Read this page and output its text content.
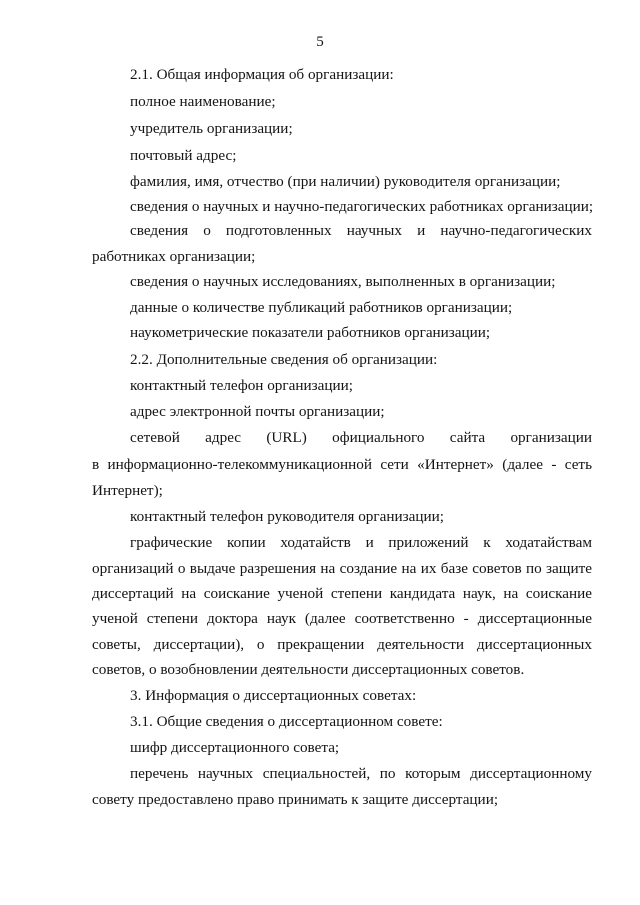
5
2.1. Общая информация об организации:
полное наименование;
учредитель организации;
почтовый адрес;
фамилия, имя, отчество (при наличии) руководителя организации;
сведения о научных и научно-педагогических работниках организации;
сведения о подготовленных научных и научно-педагогических
работниках организации;
сведения о научных исследованиях, выполненных в организации;
данные о количестве публикаций работников организации;
наукометрические показатели работников организации;
2.2. Дополнительные сведения об организации:
контактный телефон организации;
адрес электронной почты организации;
сетевой адрес (URL) официального сайта организации
в информационно-телекоммуникационной сети «Интернет» (далее - сеть
Интернет);
контактный телефон руководителя организации;
графические копии ходатайств и приложений к ходатайствам
организаций о выдаче разрешения на создание на их базе советов по защите
диссертаций на соискание ученой степени кандидата наук, на соискание
ученой степени доктора наук (далее соответственно - диссертационные
советы, диссертации), о прекращении деятельности диссертационных
советов, о возобновлении деятельности диссертационных советов.
3. Информация о диссертационных советах:
3.1. Общие сведения о диссертационном совете:
шифр диссертационного совета;
перечень научных специальностей, по которым диссертационному
совету предоставлено право принимать к защите диссертации;
